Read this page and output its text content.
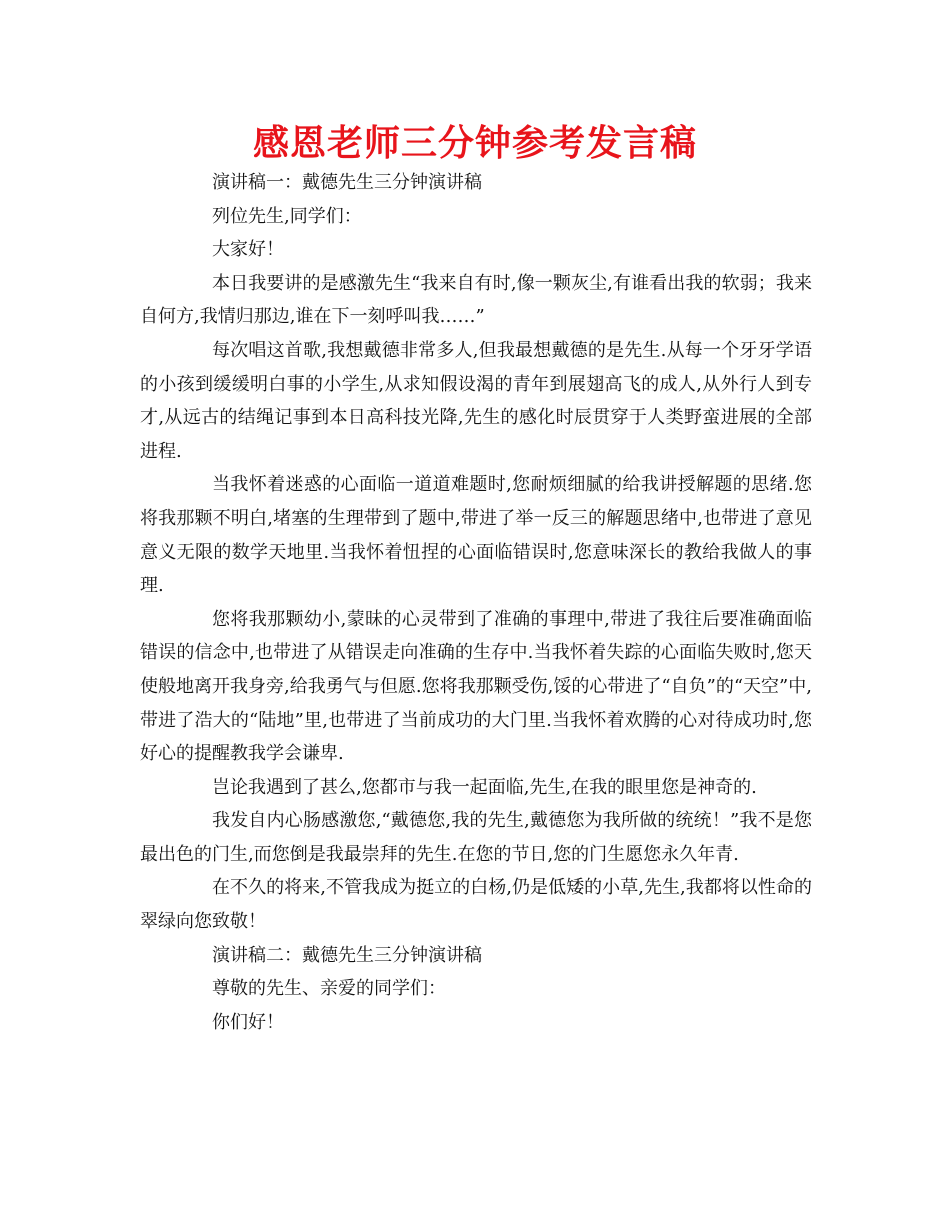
感恩老师三分钟参考发言稿

演讲稿一：戴德先生三分钟演讲稿

列位先生,同学们：

大家好！

本日我要讲的是感激先生“我来自有时,像一颗灰尘,有谁看出我的软弱；我来自何方,我情归那边,谁在下一刻呼叫我……”

每次唱这首歌,我想戴德非常多人,但我最想戴德的是先生.从每一个牙牙学语的小孩到缓缓明白事的小学生,从求知假设渴的青年到展翅高飞的成人,从外行人到专才,从远古的结绳记事到本日高科技光降,先生的感化时辰贯穿于人类野蛮进展的全部进程.

当我怀着迷惑的心面临一道道难题时,您耐烦细腻的给我讲授解题的思绪.您将我那颗不明白,堵塞的生理带到了题中,带进了举一反三的解题思绪中,也带进了意见意义无限的数学天地里.当我怀着忸捏的心面临错误时,您意味深长的教给我做人的事理.

您将我那颗幼小,蒙昧的心灵带到了准确的事理中,带进了我往后要准确面临错误的信念中,也带进了从错误走向准确的生存中.当我怀着失踪的心面临失败时,您天使般地离开我身旁,给我勇气与但愿.您将我那颗受伤,馁的心带进了“自负”的“天空”中,带进了浩大的“陆地”里,也带进了当前成功的大门里.当我怀着欢腾的心对待成功时,您好心的提醒教我学会谦卑.

岂论我遇到了甚么,您都市与我一起面临,先生,在我的眼里您是神奇的.

我发自内心肠感激您,“戴德您,我的先生,戴德您为我所做的统统！”我不是您最出色的门生,而您倒是我最崇拜的先生.在您的节日,您的门生愿您永久年青.

在不久的将来,不管我成为挺立的白杨,仍是低矮的小草,先生,我都将以性命的翠绿向您致敬！

演讲稿二：戴德先生三分钟演讲稿

尊敬的先生、亲爱的同学们：

你们好！
